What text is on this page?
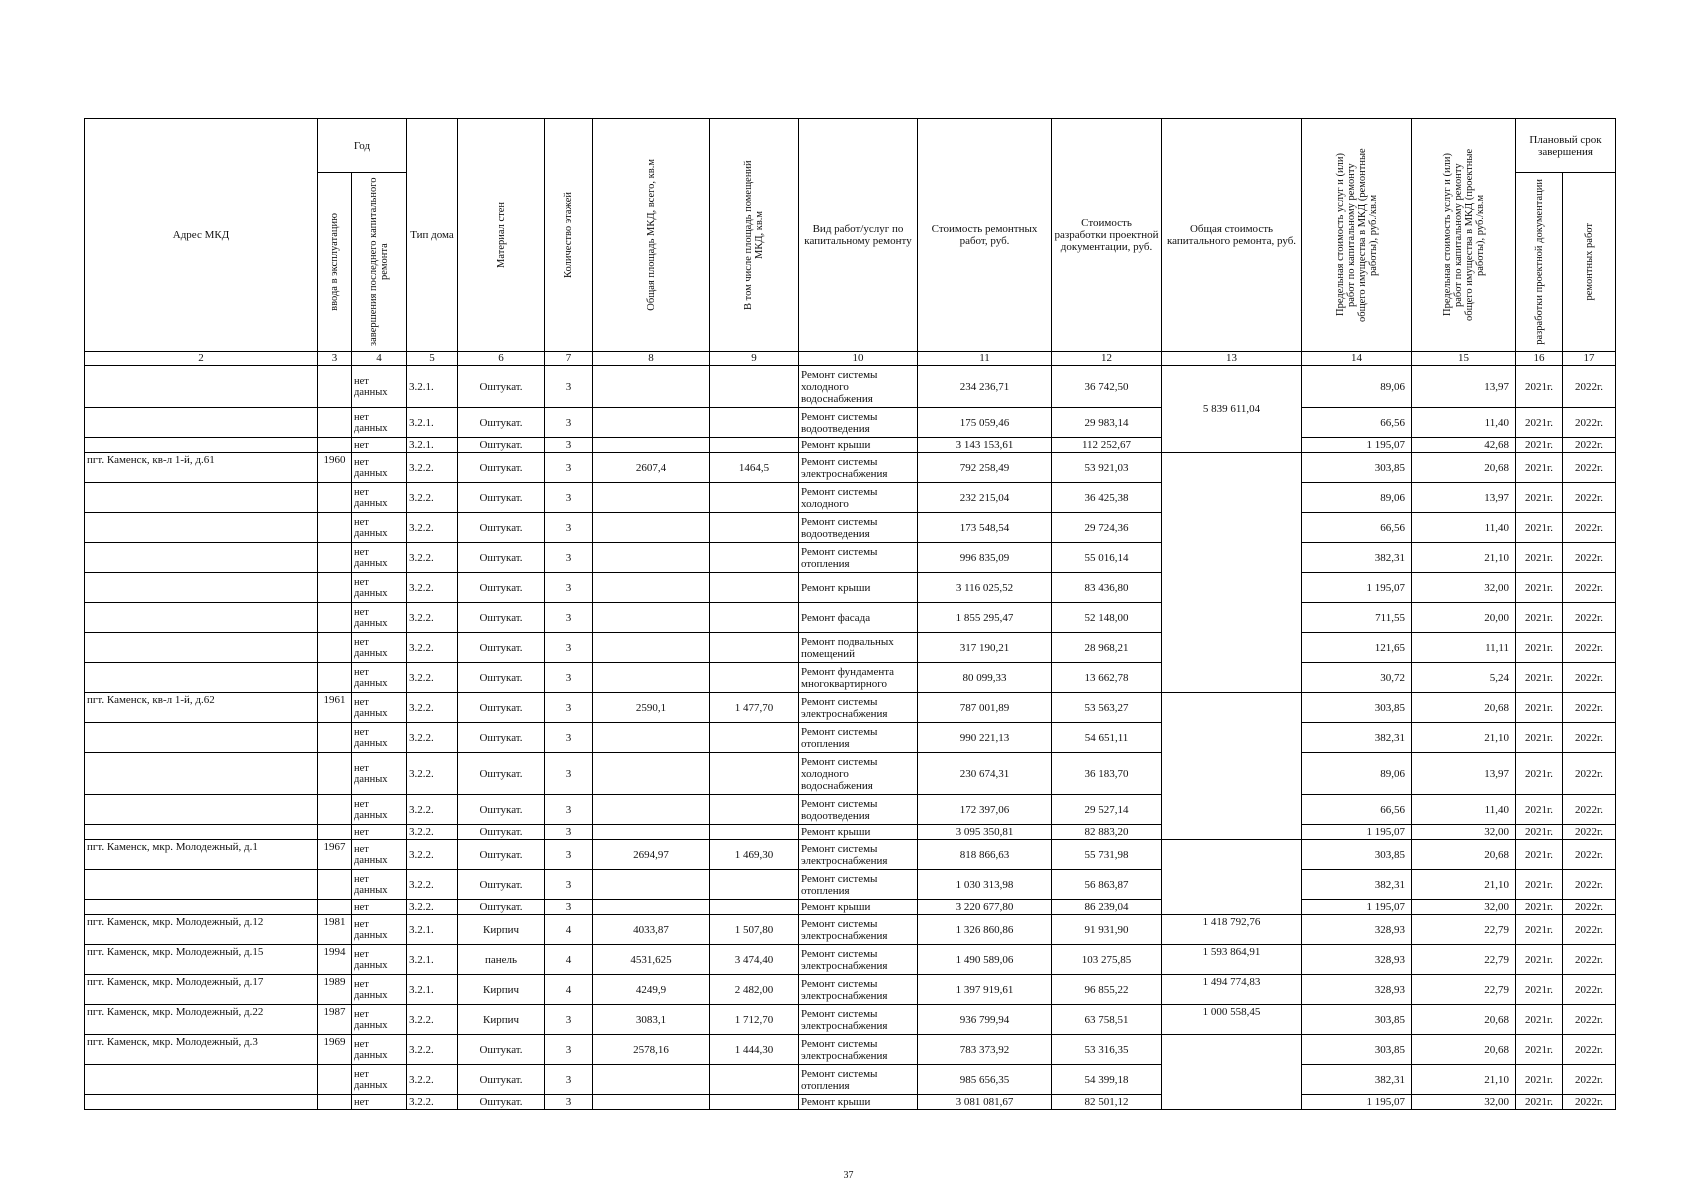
Адрес МКД	Год		Тип дома	Материал стен	Количество этажей	Общая площадь МКД, всего, кв.м	В том числе площадь помещений МКД, кв.м	Вид работ/услуг по капитальному ремонту	Стоимость ремонтных работ, руб.	Стоимость разработки проектной документации, руб.	Общая стоимость капитального ремонта, руб.	Предельная стоимость услуг и (или) работ по капитальному ремонту общего имущества в МКД (ремонтные работы), руб./кв.м	Предельная стоимость услуг и (или) работ по капитальному ремонту общего имущества в МКД (проектные работы), руб./кв.м	Плановый срок завершения	

	ввода в эксплуатацию	завершения последнего капитального ремонта												разработки проектной документации	ремонтных работ

2	3	4	5	6	7	8	9	10	11	12	13	14	15	16	17
		нет данных	3.2.1.	Оштукат.	3			Ремонт системы холодного водоснабжения	234 236,71	36 742,50	5 839 611,04	89,06	13,97	2021г.	2022г.
		нет данных	3.2.1.	Оштукат.	3			Ремонт системы водоотведения	175 059,46	29 983,14		66,56	11,40	2021г.	2022г.
		нет	3.2.1.	Оштукат.	3			Ремонт крыши	3 143 153,61	112 252,67		1 195,07	42,68	2021г.	2022г.
пгт. Каменск, кв-л 1-й, д.61	1960	нет данных	3.2.2.	Оштукат.	3	2607,4	1464,5	Ремонт системы электроснабжения	792 258,49	53 921,03		303,85	20,68	2021г.	2022г.
		нет данных	3.2.2.	Оштукат.	3			Ремонт системы холодного	232 215,04	36 425,38		89,06	13,97	2021г.	2022г.
		нет данных	3.2.2.	Оштукат.	3			Ремонт системы водоотведения	173 548,54	29 724,36		66,56	11,40	2021г.	2022г.
		нет данных	3.2.2.	Оштукат.	3			Ремонт системы отопления	996 835,09	55 016,14		382,31	21,10	2021г.	2022г.
		нет данных	3.2.2.	Оштукат.	3			Ремонт крыши	3 116 025,52	83 436,80		1 195,07	32,00	2021г.	2022г.
		нет данных	3.2.2.	Оштукат.	3			Ремонт фасада	1 855 295,47	52 148,00		711,55	20,00	2021г.	2022г.
		нет данных	3.2.2.	Оштукат.	3			Ремонт подвальных помещений	317 190,21	28 968,21		121,65	11,11	2021г.	2022г.
		нет данных	3.2.2.	Оштукат.	3			Ремонт фундамента многоквартирного	80 099,33	13 662,78		30,72	5,24	2021г.	2022г.
пгт. Каменск, кв-л 1-й, д.62	1961	нет данных	3.2.2.	Оштукат.	3	2590,1	1 477,70	Ремонт системы электроснабжения	787 001,89	53 563,27		303,85	20,68	2021г.	2022г.
		нет данных	3.2.2.	Оштукат.	3			Ремонт системы отопления	990 221,13	54 651,11		382,31	21,10	2021г.	2022г.
		нет данных	3.2.2.	Оштукат.	3			Ремонт системы холодного водоснабжения	230 674,31	36 183,70		89,06	13,97	2021г.	2022г.
		нет данных	3.2.2.	Оштукат.	3			Ремонт системы водоотведения	172 397,06	29 527,14		66,56	11,40	2021г.	2022г.
		нет	3.2.2.	Оштукат.	3			Ремонт крыши	3 095 350,81	82 883,20		1 195,07	32,00	2021г.	2022г.
пгт. Каменск, мкр. Молодежный, д.1	1967	нет данных	3.2.2.	Оштукат.	3	2694,97	1 469,30	Ремонт системы электроснабжения	818 866,63	55 731,98		303,85	20,68	2021г.	2022г.
		нет данных	3.2.2.	Оштукат.	3			Ремонт системы отопления	1 030 313,98	56 863,87		382,31	21,10	2021г.	2022г.
		нет	3.2.2.	Оштукат.	3			Ремонт крыши	3 220 677,80	86 239,04		1 195,07	32,00	2021г.	2022г.
пгт. Каменск, мкр. Молодежный, д.12	1981	нет данных	3.2.1.	Кирпич	4	4033,87	1 507,80	Ремонт системы электроснабжения	1 326 860,86	91 931,90	1 418 792,76	328,93	22,79	2021г.	2022г.
пгт. Каменск, мкр. Молодежный, д.15	1994	нет данных	3.2.1.	панель	4	4531,625	3 474,40	Ремонт системы электроснабжения	1 490 589,06	103 275,85	1 593 864,91	328,93	22,79	2021г.	2022г.
пгт. Каменск, мкр. Молодежный, д.17	1989	нет данных	3.2.1.	Кирпич	4	4249,9	2 482,00	Ремонт системы электроснабжения	1 397 919,61	96 855,22	1 494 774,83	328,93	22,79	2021г.	2022г.
пгт. Каменск, мкр. Молодежный, д.22	1987	нет данных	3.2.2.	Кирпич	3	3083,1	1 712,70	Ремонт системы электроснабжения	936 799,94	63 758,51	1 000 558,45	303,85	20,68	2021г.	2022г.
пгт. Каменск, мкр. Молодежный, д.3	1969	нет данных	3.2.2.	Оштукат.	3	2578,16	1 444,30	Ремонт системы электроснабжения	783 373,92	53 316,35		303,85	20,68	2021г.	2022г.
		нет данных	3.2.2.	Оштукат.	3			Ремонт системы отопления	985 656,35	54 399,18		382,31	21,10	2021г.	2022г.
		нет	3.2.2.	Оштукат.	3			Ремонт крыши	3 081 081,67	82 501,12		1 195,07	32,00	2021г.	2022г.
37
